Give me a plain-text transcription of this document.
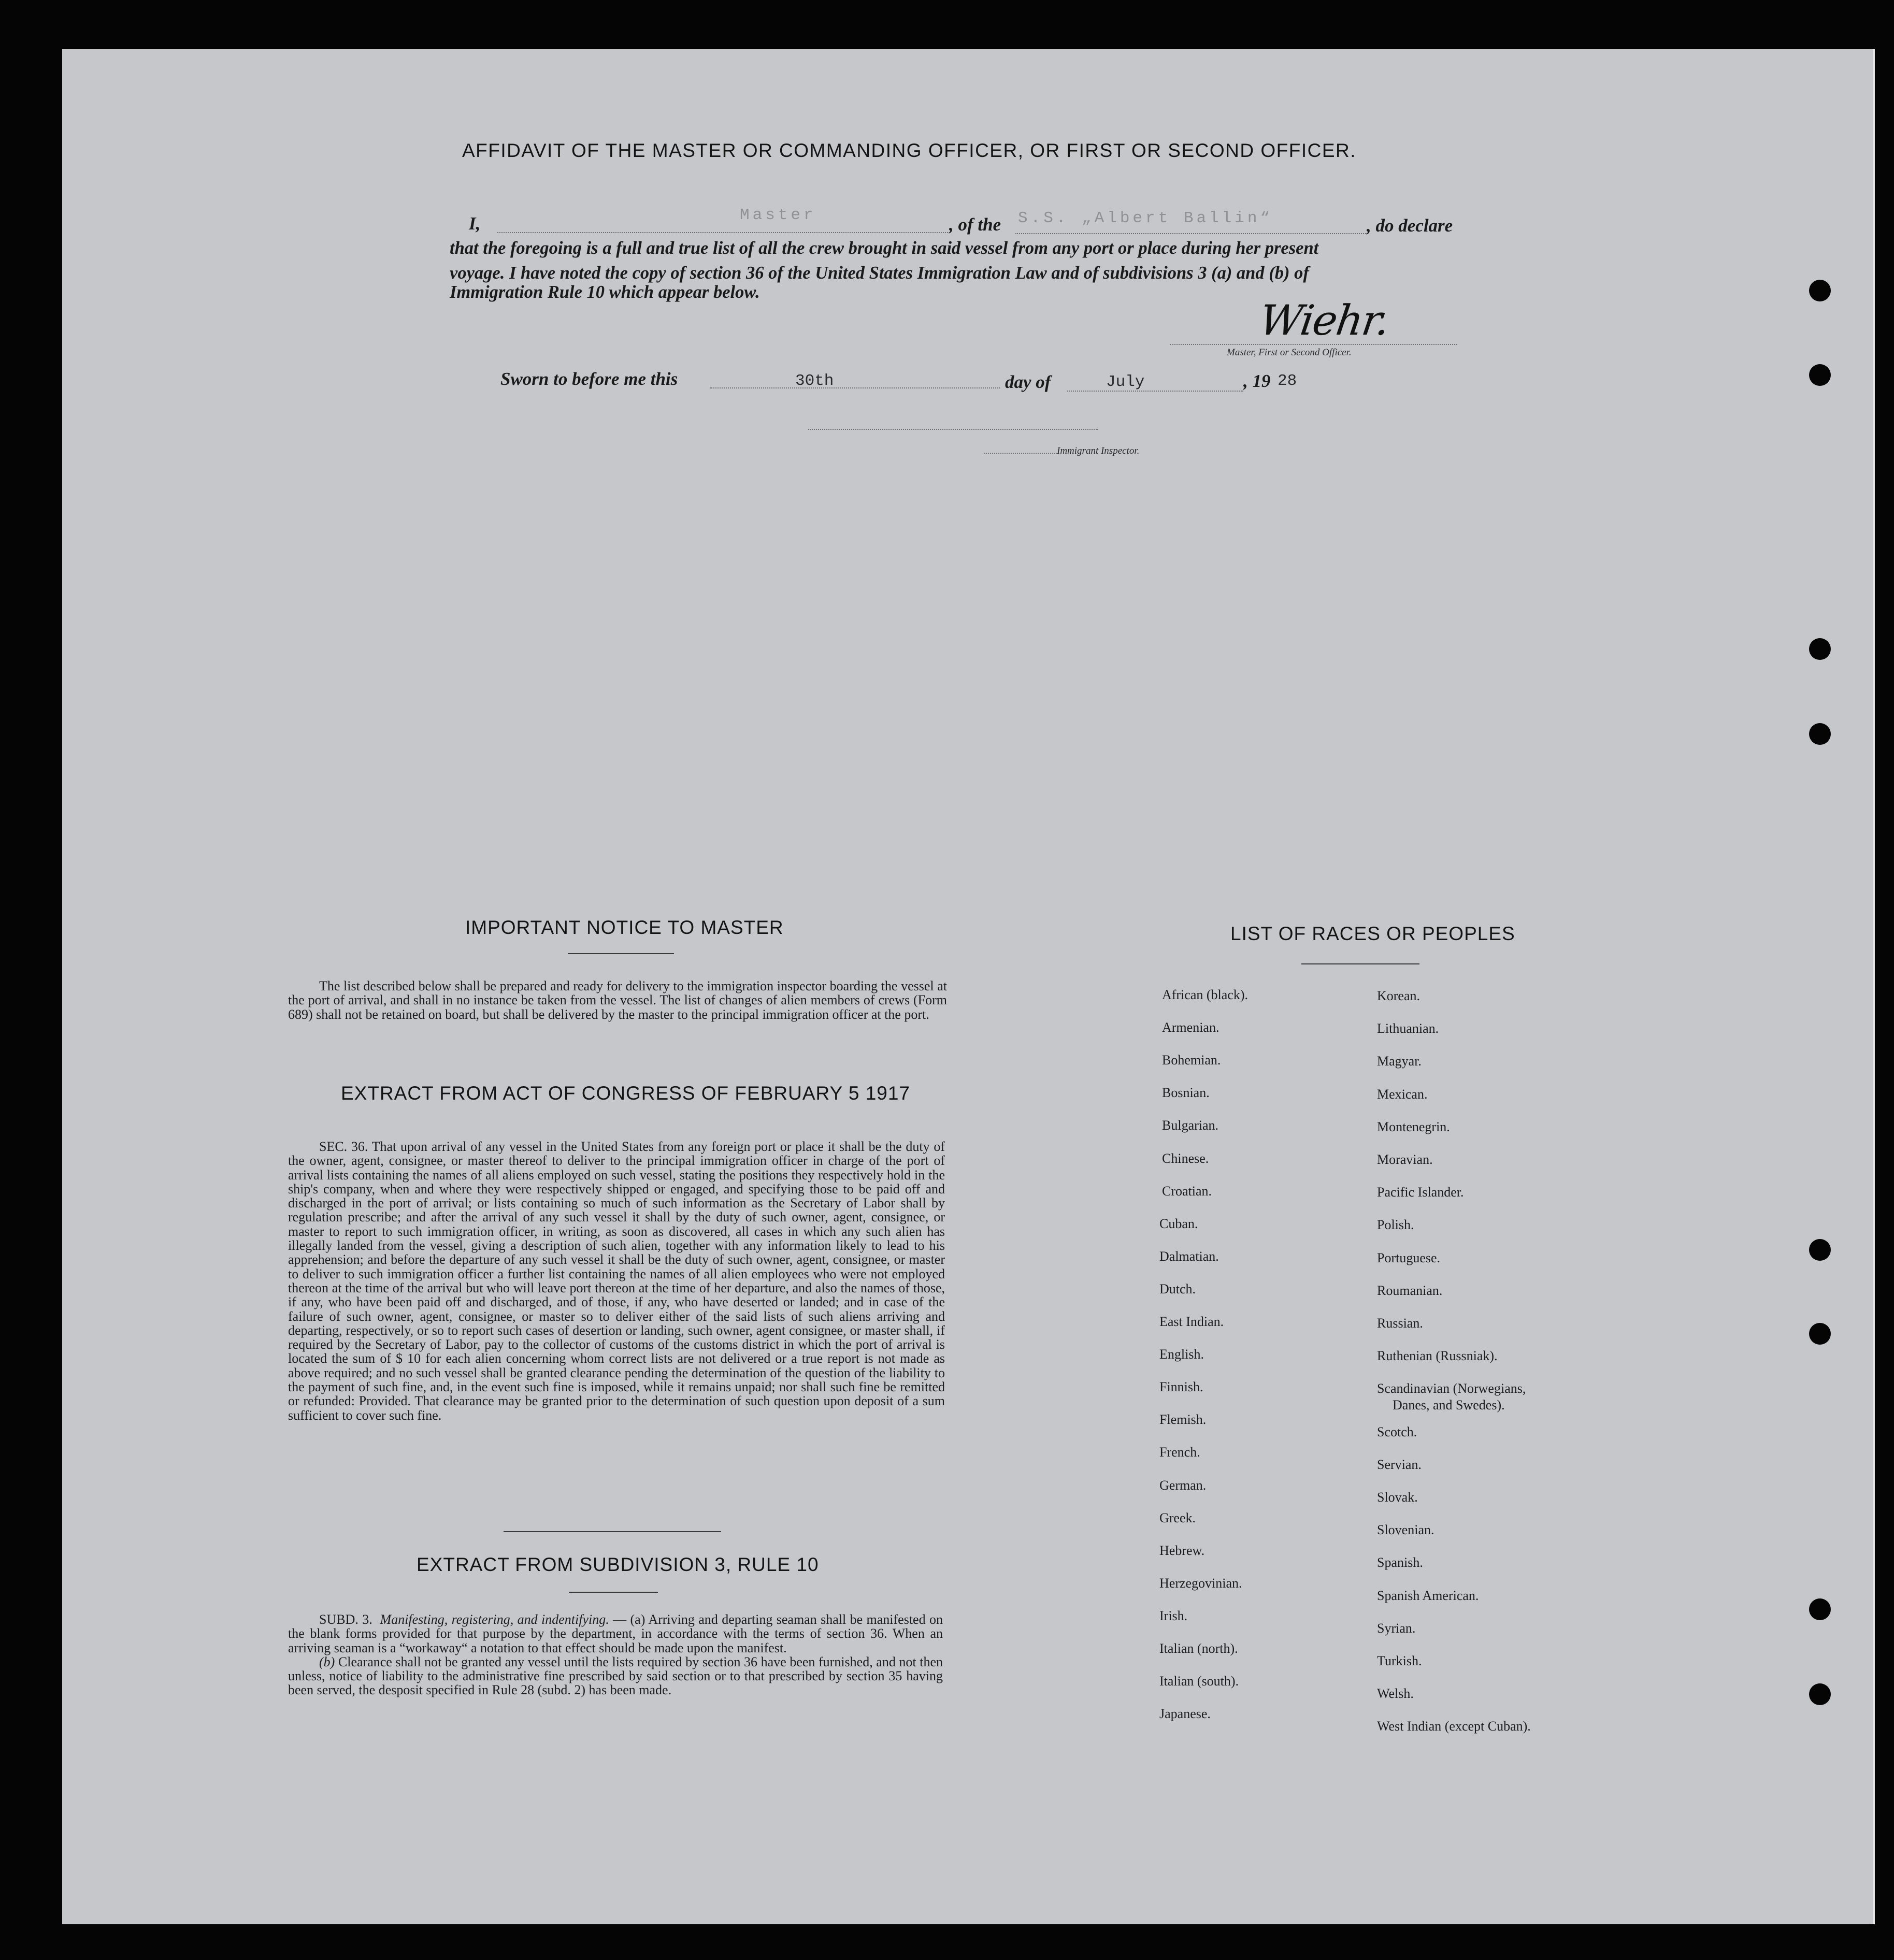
AFFIDAVIT OF THE MASTER OR COMMANDING OFFICER, OR FIRST OR SECOND OFFICER.
I,	Master	, of the S.S. „Albert Ballin“	, do declare
that the foregoing is a full and true list of all the crew brought in said vessel from any port or place during her present
voyage. I have noted the copy of section 36 of the United States Immigration Law and of subdivisions 3 (a) and (b) of
Immigration Rule 10 which appear below.
Wiehr.
Master, First or Second Officer.
Sworn to before me this	30th	day of	July	, 19 28
Immigrant Inspector.
IMPORTANT NOTICE TO MASTER

The list described below shall be prepared and ready for delivery to the immigration inspector boarding the vessel at the port of arrival, and shall in no instance be taken from the vessel. The list of changes of alien members of crews (Form 689) shall not be retained on board, but shall be delivered by the master to the principal immigration officer at the port.

EXTRACT FROM ACT OF CONGRESS OF FEBRUARY 5 1917

SEC. 36. That upon arrival of any vessel in the United States from any foreign port or place it shall be the duty of the owner, agent, consignee, or master thereof to deliver to the principal immigration officer in charge of the port of arrival lists containing the names of all aliens employed on such vessel, stating the positions they respectively hold in the ship's company, when and where they were respectively shipped or engaged, and specifying those to be paid off and discharged in the port of arrival; or lists containing so much of such information as the Secretary of Labor shall by regulation prescribe; and after the arrival of any such vessel it shall by the duty of such owner, agent, consignee, or master to report to such immigration officer, in writing, as soon as discovered, all cases in which any such alien has illegally landed from the vessel, giving a description of such alien, together with any information likely to lead to his apprehension; and before the departure of any such vessel it shall be the duty of such owner, agent, consignee, or master to deliver to such immigration officer a further list containing the names of all alien employees who were not employed thereon at the time of the arrival but who will leave port thereon at the time of her departure, and also the names of those, if any, who have been paid off and discharged, and of those, if any, who have deserted or landed; and in case of the failure of such owner, agent, consignee, or master so to deliver either of the said lists of such aliens arriving and departing, respectively, or so to report such cases of desertion or landing, such owner, agent consignee, or master shall, if required by the Secretary of Labor, pay to the collector of customs of the customs district in which the port of arrival is located the sum of $ 10 for each alien concerning whom correct lists are not delivered or a true report is not made as above required; and no such vessel shall be granted clearance pending the determination of the question of the liability to the payment of such fine, and, in the event such fine is imposed, while it remains unpaid; nor shall such fine be remitted or refunded: Provided. That clearance may be granted prior to the determination of such question upon deposit of a sum sufficient to cover such fine.

EXTRACT FROM SUBDIVISION 3, RULE 10

SUBD. 3. Manifesting, registering, and indentifying. — (a) Arriving and departing seaman shall be manifested on the blank forms provided for that purpose by the department, in accordance with the terms of section 36. When an arriving seaman is a “workaway“ a notation to that effect should be made upon the manifest.

(b) Clearance shall not be granted any vessel until the lists required by section 36 have been furnished, and not then unless, notice of liability to the administrative fine prescribed by said section or to that prescribed by section 35 having been served, the desposit specified in Rule 28 (subd. 2) has been made.

LIST OF RACES OR PEOPLES
African (black).
Armenian.
Bohemian.
Bosnian.
Bulgarian.
Chinese.
Croatian.
Cuban.
Dalmatian.
Dutch.
East Indian.
English.
Finnish.
Flemish.
French.
German.
Greek.
Hebrew.
Herzegovinian.
Irish.
Italian (north).
Italian (south).
Japanese.
Korean.
Lithuanian.
Magyar.
Mexican.
Montenegrin.
Moravian.
Pacific Islander.
Polish.
Portuguese.
Roumanian.
Russian.
Ruthenian (Russniak).
Scandinavian (Norwegians,
Danes, and Swedes).
Scotch.
Servian.
Slovak.
Slovenian.
Spanish.
Spanish American.
Syrian.
Turkish.
Welsh.
West Indian (except Cuban).
